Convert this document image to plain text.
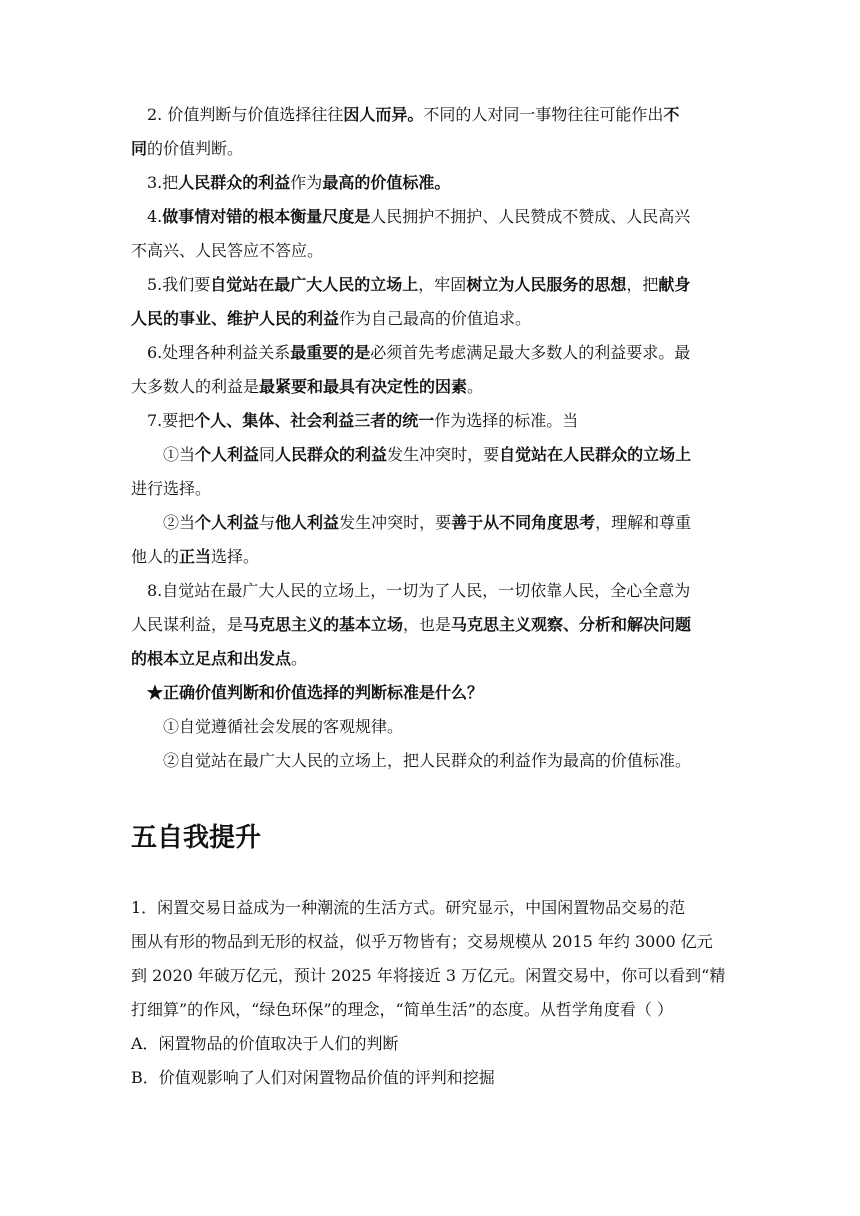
2. 价值判断与价值选择往往因人而异。不同的人对同一事物往往可能作出不
同的价值判断。
3.把人民群众的利益作为最高的价值标准。
4.做事情对错的根本衡量尺度是人民拥护不拥护、人民赞成不赞成、人民高兴
不高兴、人民答应不答应。
5.我们要自觉站在最广大人民的立场上，牢固树立为人民服务的思想，把献身
人民的事业、维护人民的利益作为自己最高的价值追求。
6.处理各种利益关系最重要的是必须首先考虑满足最大多数人的利益要求。最
大多数人的利益是最紧要和最具有决定性的因素。
7.要把个人、集体、社会利益三者的统一作为选择的标准。当
①当个人利益同人民群众的利益发生冲突时，要自觉站在人民群众的立场上
进行选择。
②当个人利益与他人利益发生冲突时，要善于从不同角度思考，理解和尊重
他人的正当选择。
8.自觉站在最广大人民的立场上，一切为了人民，一切依靠人民，全心全意为
人民谋利益，是马克思主义的基本立场，也是马克思主义观察、分析和解决问题
的根本立足点和出发点。
★正确价值判断和价值选择的判断标准是什么？
①自觉遵循社会发展的客观规律。
②自觉站在最广大人民的立场上，把人民群众的利益作为最高的价值标准。
五自我提升
1．闲置交易日益成为一种潮流的生活方式。研究显示，中国闲置物品交易的范
围从有形的物品到无形的权益，似乎万物皆有；交易规模从 2015 年约 3000 亿元
到 2020 年破万亿元，预计 2025 年将接近 3 万亿元。闲置交易中，你可以看到“精
打细算”的作风，“绿色环保”的理念，“简单生活”的态度。从哲学角度看（ ）
A．闲置物品的价值取决于人们的判断
B．价值观影响了人们对闲置物品价值的评判和挖掘
